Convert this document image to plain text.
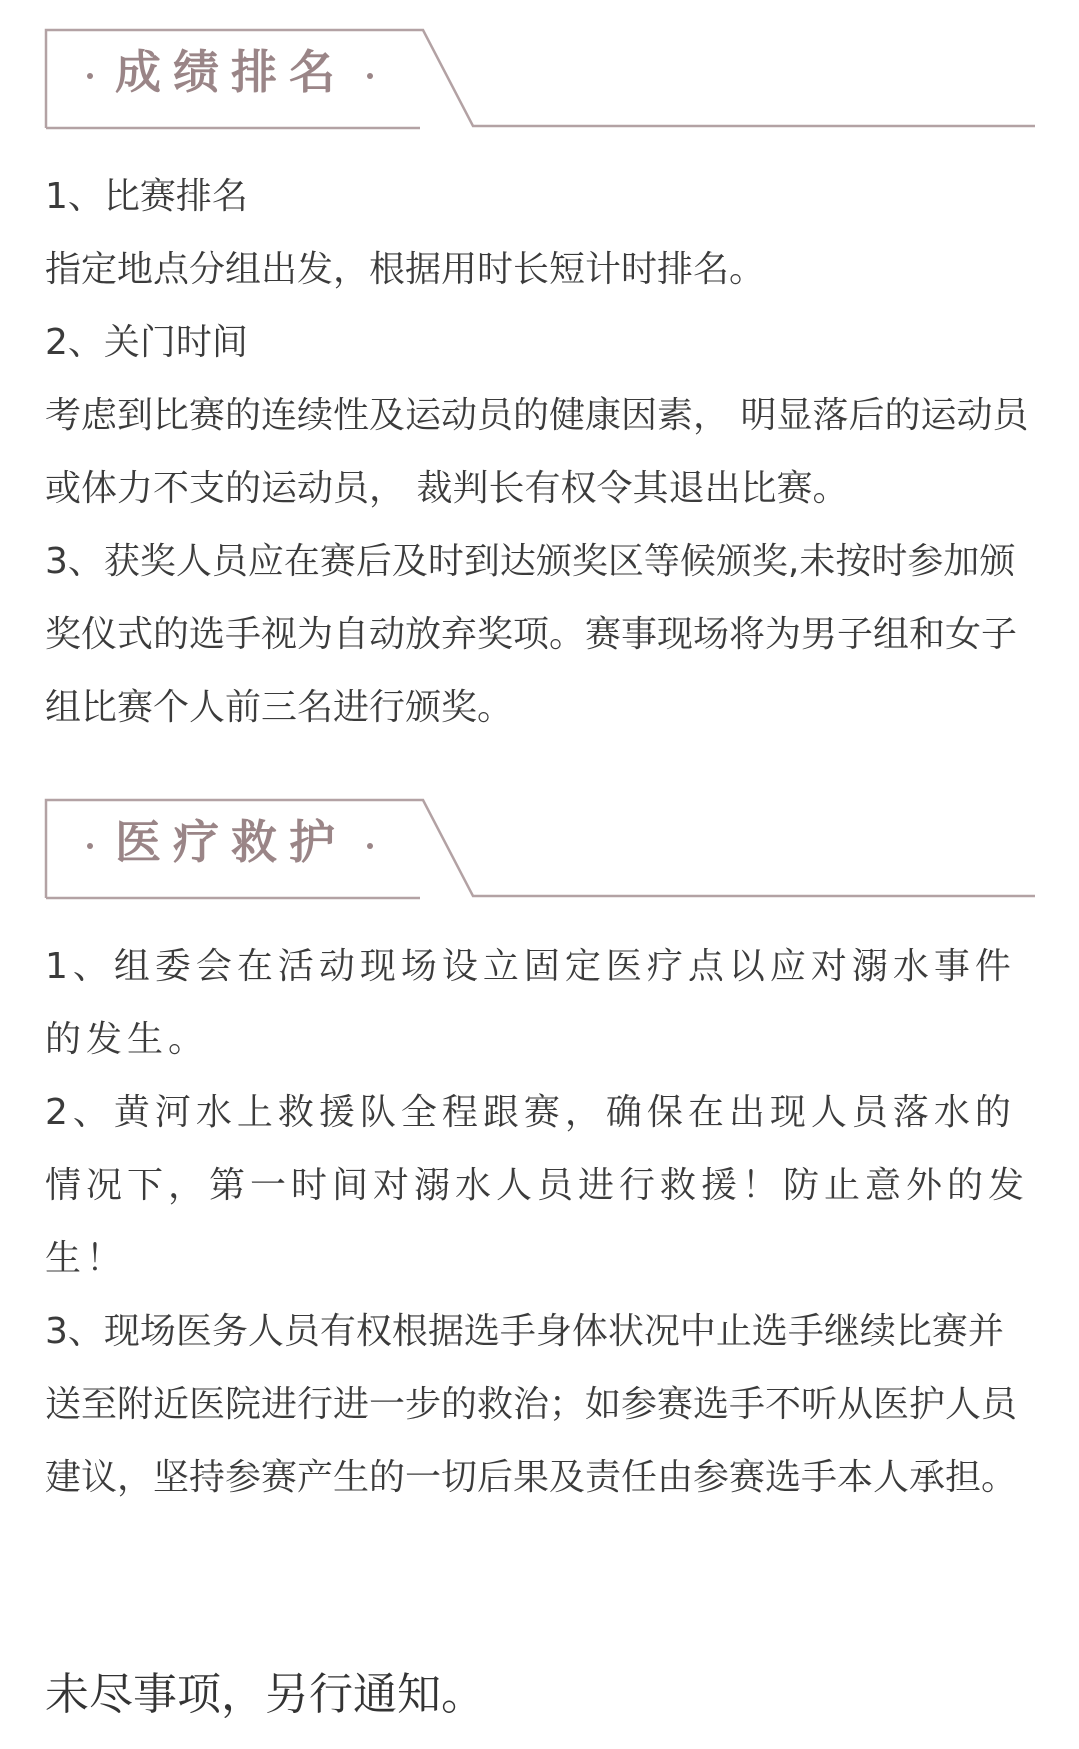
成绩排名

1、比赛排名

指定地点分组出发，根据用时长短计时排名。

2、关门时间

考虑到比赛的连续性及运动员的健康因素， 明显落后的运动员或体力不支的运动员， 裁判长有权令其退出比赛。

3、获奖人员应在赛后及时到达颁奖区等候颁奖,未按时参加颁奖仪式的选手视为自动放弃奖项。赛事现场将为男子组和女子组比赛个人前三名进行颁奖。

医疗救护

1、组委会在活动现场设立固定医疗点以应对溺水事件的发生。

2、黄河水上救援队全程跟赛，确保在出现人员落水的情况下，第一时间对溺水人员进行救援！防止意外的发生！

3、现场医务人员有权根据选手身体状况中止选手继续比赛并送至附近医院进行进一步的救治；如参赛选手不听从医护人员建议，坚持参赛产生的一切后果及责任由参赛选手本人承担。

未尽事项，另行通知。
